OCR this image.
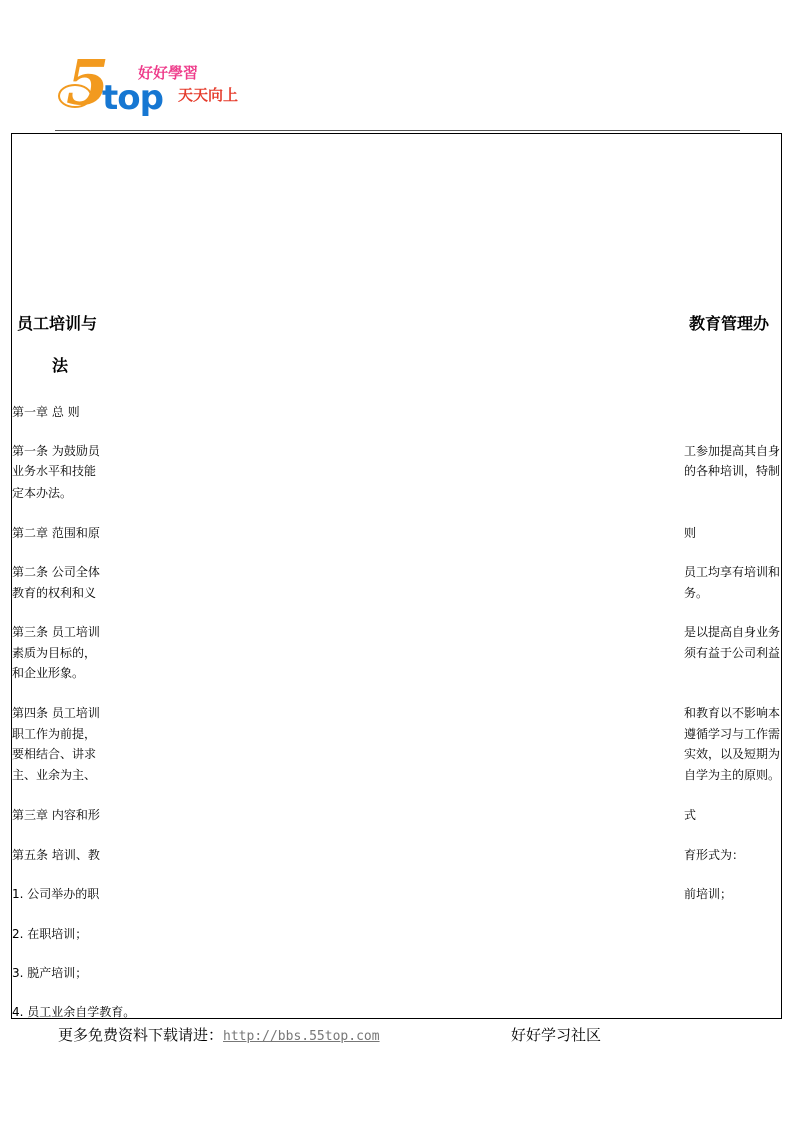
5
top
好好學習
天天向上
员工培训与	教育管理办
法
第一章 总 则
第一条 为鼓励员	工参加提高其自身
业务水平和技能	的各种培训，特制
定本办法。
第二章 范围和原	则
第二条 公司全体	员工均享有培训和
教育的权利和义	务。
第三条 员工培训	是以提高自身业务
素质为目标的，	须有益于公司利益
和企业形象。
第四条 员工培训	和教育以不影响本
职工作为前提，	遵循学习与工作需
要相结合、讲求	实效，以及短期为
主、业余为主、	自学为主的原则。
第三章 内容和形	式
第五条 培训、教	育形式为：
1. 公司举办的职	前培训；
2. 在职培训；
3. 脱产培训；
4. 员工业余自学教育。
更多免费资料下载请进：http://bbs.55top.com	好好学习社区
